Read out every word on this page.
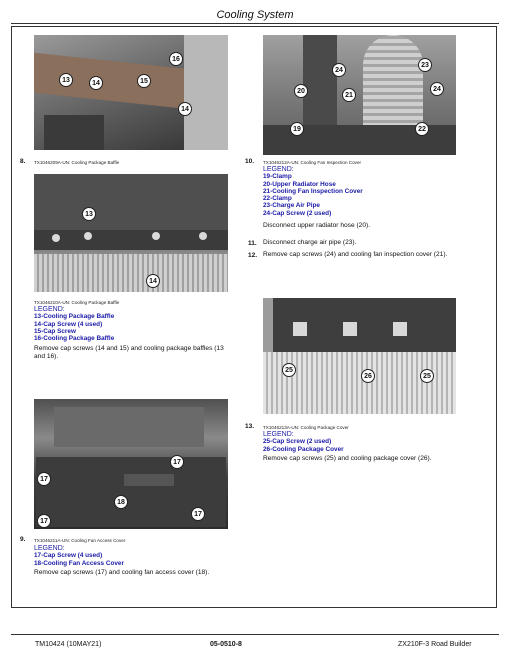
Cooling System
13	14	15
16
14
8. TX1046209A-UN: Cooling Package Baffle
13
14
TX1046210A-UN: Cooling Package Baffle
LEGEND:
13-Cooling Package Baffle
14-Cap Screw (4 used)
15-Cap Screw
16-Cooling Package Baffle
Remove cap screws (14 and 15) and cooling package baffles (13 and 16).
17
17
18
17
17
9. TX1046211A-UN: Cooling Fan Access Cover
LEGEND:
17-Cap Screw (4 used)
18-Cooling Fan Access Cover
Remove cap screws (17) and cooling fan access cover (18).
24
23
20
21
24
19	22
10. TX1046212A-UN: Cooling Fan Inspection Cover
LEGEND:
19-Clamp
20-Upper Radiator Hose
21-Cooling Fan Inspection Cover
22-Clamp
23-Charge Air Pipe
24-Cap Screw (2 used)
Disconnect upper radiator hose (20).
11. Disconnect charge air pipe (23).
12. Remove cap screws (24) and cooling fan inspection cover (21).
25
26	25
13. TX1046213A-UN: Cooling Package Cover
LEGEND:
25-Cap Screw (2 used)
26-Cooling Package Cover
Remove cap screws (25) and cooling package cover (26).
TM10424 (10MAY21)	05-0510-8	ZX210F-3 Road Builder
